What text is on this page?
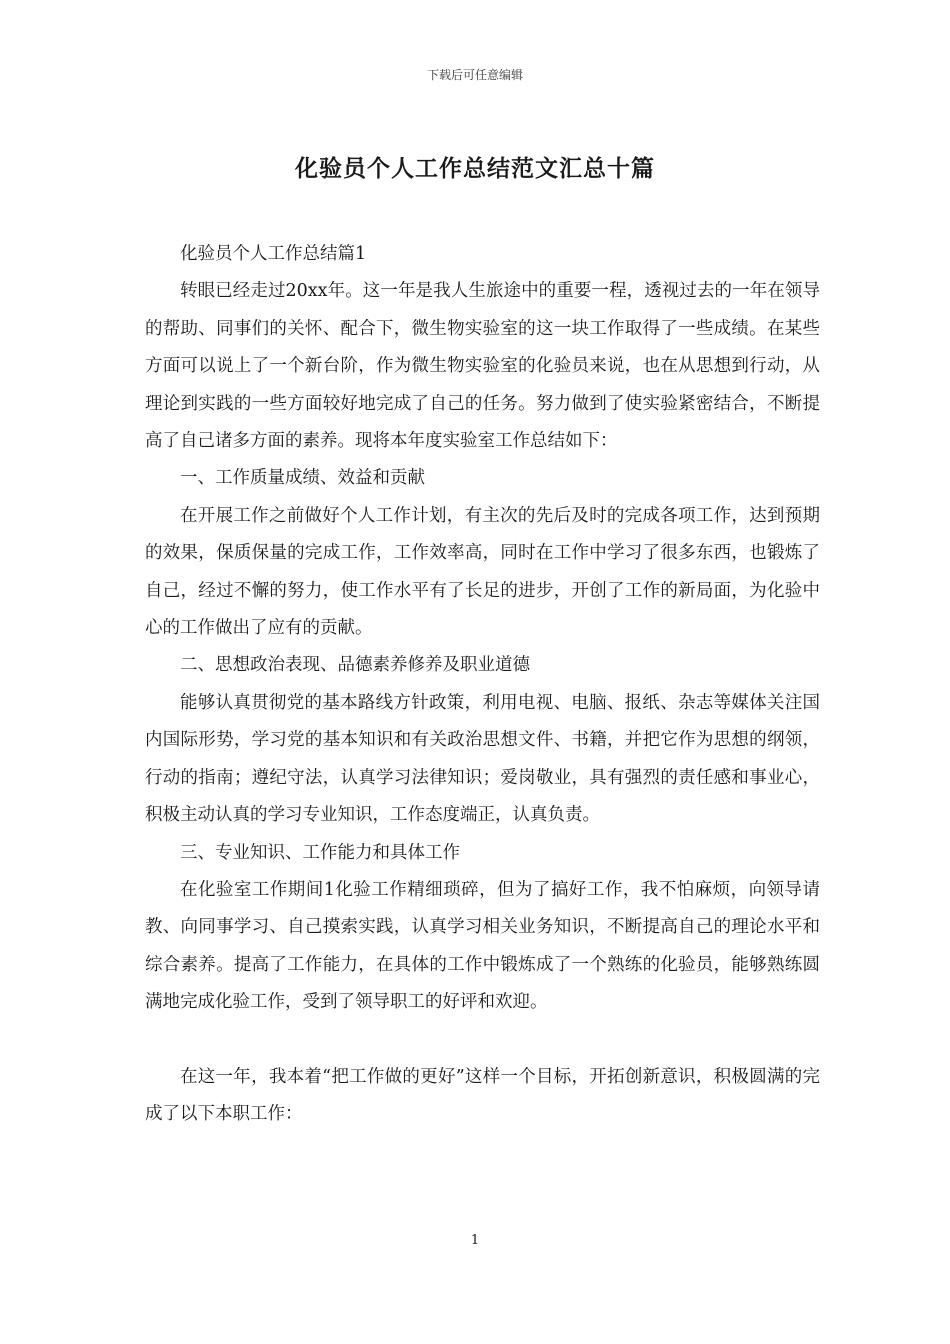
下载后可任意编辑
化验员个人工作总结范文汇总十篇

化验员个人工作总结篇1

转眼已经走过20xx年。这一年是我人生旅途中的重要一程，透视过去的一年在领导的帮助、同事们的关怀、配合下，微生物实验室的这一块工作取得了一些成绩。在某些方面可以说上了一个新台阶，作为微生物实验室的化验员来说，也在从思想到行动，从理论到实践的一些方面较好地完成了自己的任务。努力做到了使实验紧密结合，不断提高了自己诸多方面的素养。现将本年度实验室工作总结如下：

一、工作质量成绩、效益和贡献

在开展工作之前做好个人工作计划，有主次的先后及时的完成各项工作，达到预期的效果，保质保量的完成工作，工作效率高，同时在工作中学习了很多东西，也锻炼了自己，经过不懈的努力，使工作水平有了长足的进步，开创了工作的新局面，为化验中心的工作做出了应有的贡献。

二、思想政治表现、品德素养修养及职业道德

能够认真贯彻党的基本路线方针政策，利用电视、电脑、报纸、杂志等媒体关注国内国际形势，学习党的基本知识和有关政治思想文件、书籍，并把它作为思想的纲领，行动的指南；遵纪守法，认真学习法律知识；爱岗敬业，具有强烈的责任感和事业心，积极主动认真的学习专业知识，工作态度端正，认真负责。

三、专业知识、工作能力和具体工作

在化验室工作期间1化验工作精细琐碎，但为了搞好工作，我不怕麻烦，向领导请教、向同事学习、自己摸索实践，认真学习相关业务知识，不断提高自己的理论水平和综合素养。提高了工作能力，在具体的工作中锻炼成了一个熟练的化验员，能够熟练圆满地完成化验工作，受到了领导职工的好评和欢迎。

在这一年，我本着“把工作做的更好”这样一个目标，开拓创新意识，积极圆满的完成了以下本职工作：

1
